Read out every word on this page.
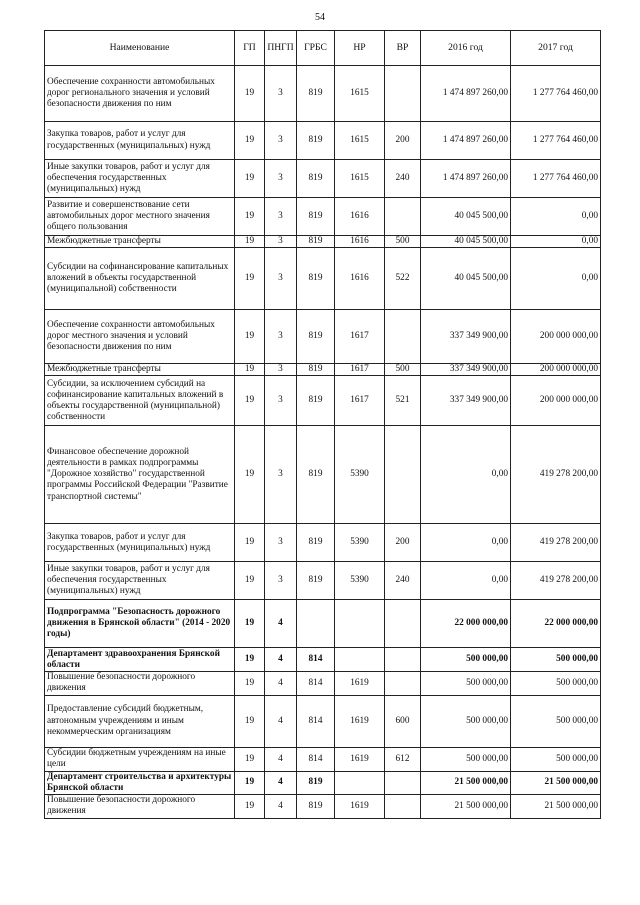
54
Наименование	ГП	ПНГП	ГРБС	НР	ВР	2016 год	2017 год
Обеспечение сохранности автомобильных дорог регионального значения и условий безопасности движения по ним	19	3	819	1615		1 474 897 260,00	1 277 764 460,00
Закупка товаров, работ и услуг для государственных (муниципальных) нужд	19	3	819	1615	200	1 474 897 260,00	1 277 764 460,00
Иные закупки товаров, работ и услуг для обеспечения государственных (муниципальных) нужд	19	3	819	1615	240	1 474 897 260,00	1 277 764 460,00
Развитие и совершенствование сети автомобильных дорог местного значения общего пользования	19	3	819	1616		40 045 500,00	0,00
Межбюджетные трансферты	19	3	819	1616	500	40 045 500,00	0,00
Субсидии на софинансирование капитальных вложений в объекты государственной (муниципальной) собственности	19	3	819	1616	522	40 045 500,00	0,00
Обеспечение сохранности автомобильных дорог местного значения и условий безопасности движения по ним	19	3	819	1617		337 349 900,00	200 000 000,00
Межбюджетные трансферты	19	3	819	1617	500	337 349 900,00	200 000 000,00
Субсидии, за исключением субсидий на софинансирование капитальных вложений в объекты государственной (муниципальной) собственности	19	3	819	1617	521	337 349 900,00	200 000 000,00
Финансовое обеспечение дорожной деятельности в рамках подпрограммы "Дорожное хозяйство" государственной программы Российской Федерации "Развитие транспортной системы"	19	3	819	5390		0,00	419 278 200,00
Закупка товаров, работ и услуг для государственных (муниципальных) нужд	19	3	819	5390	200	0,00	419 278 200,00
Иные закупки товаров, работ и услуг для обеспечения государственных (муниципальных) нужд	19	3	819	5390	240	0,00	419 278 200,00
Подпрограмма "Безопасность дорожного движения в Брянской области" (2014 - 2020 годы)	19	4				22 000 000,00	22 000 000,00
Департамент здравоохранения Брянской области	19	4	814			500 000,00	500 000,00
Повышение безопасности дорожного движения	19	4	814	1619		500 000,00	500 000,00
Предоставление субсидий бюджетным, автономным учреждениям и иным некоммерческим организациям	19	4	814	1619	600	500 000,00	500 000,00
Субсидии бюджетным учреждениям на иные цели	19	4	814	1619	612	500 000,00	500 000,00
Департамент строительства и архитектуры Брянской области	19	4	819			21 500 000,00	21 500 000,00
Повышение безопасности дорожного движения	19	4	819	1619		21 500 000,00	21 500 000,00
